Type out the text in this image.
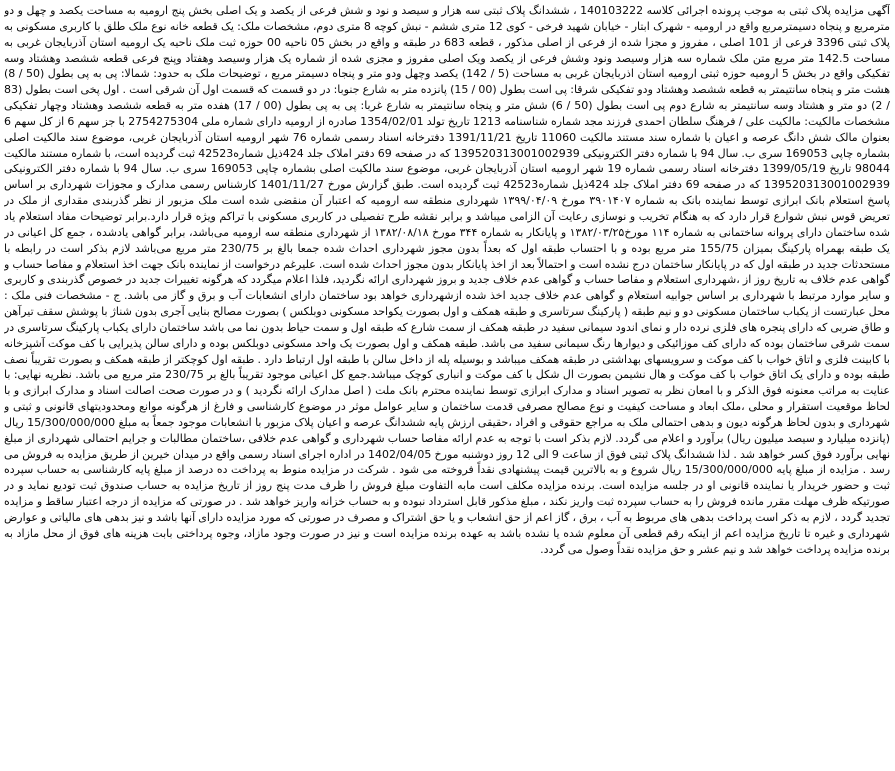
آگهی مزایده پلاک ثبتی به موجب پرونده اجرائی کلاسه 140103222 ، ششدانگ پلاک ثبتی سه هزار و سیصد و نود و شش فرعی از یکصد و یک اصلی بخش پنج ارومیه به مساحت یکصد و چهل و دو مترمربع و پنجاه دسیمترمربع واقع در ارومیه - شهرک ابتار - خیابان شهید فرخی - کوی 12 متری ششم - نبش کوچه 8 متری دوم، مشخصات ملک: یک قطعه خانه نوع ملک طلق با کاربری مسکونی به پلاک ثبتی 3396 فرعی از 101 اصلی ، مفروز و مجزا شده از فرعی از اصلی مذکور ، قطعه 683 در طبقه و واقع در بخش 05 ناحیه 00 حوزه ثبت ملک ناحیه یک ارومیه استان آذربایجان غربی به مساحت 142.5 متر مربع متن ملک شماره سه هزار وسیصد ونود وشش فرعی از یکصد ویک اصلی مفروز و مجزی شده از شماره یک هزار وسیصد وهفتاد وپنج فرعی قطعه ششصد وهشتاد وسه تفکیکی واقع در بخش 5 ارومیه حوزه ثبتی ارومیه استان اذربایجان غربی به مساحت (5 / 142) یکصد وچهل ودو متر و پنجاه دسیمتر مربع ، توضیحات ملک به حدود: شمالا: پی به پی بطول (50 / 8) هشت متر و پنجاه سانتیمتر به قطعه ششصد وهشتاد ودو تفکیکی شرقا: پی است بطول (00 / 15) پانزده متر به شارع جنوبا: در دو قسمت که قسمت اول آن شرقی است . اول پخی است بطول (83 / 2) دو متر و هشتاد وسه سانتیمتر به شارع دوم پی است بطول (50 / 6) شش متر و پنجاه سانتیمتر به شارع غربا: پی به پی بطول (00 / 17) هفده متر به قطعه ششصد وهشتاد وچهار تفکیکی مشخصات مالکیت: مالکیت علی / فرهنگ سلطان احمدی فرزند مجد شماره شناسنامه 1213 تاریخ تولد 1354/02/01 صادره از ارومیه دارای شماره ملی 2754275304 با جز سهم 6 از کل سهم 6 بعنوان مالک شش دانگ عرصه و اعیان با شماره سند مستند مالکیت 11060 تاریخ 1391/11/21 دفترخانه اسناد رسمی شماره 76 شهر ارومیه استان آذربایجان غربی، موضوع سند مالکیت اصلی بشماره چاپی 169053 سری ب. سال 94 با شماره دفتر الکترونیکی 139520313001002939 که در صفحه 69 دفتر املاک جلد 424ذیل شماره42523 ثبت گردیده است، با شماره مستند مالکیت 98044 تاریخ 1399/05/19 دفترخانه اسناد رسمی شماره 19 شهر ارومیه استان آذربایجان غربی، موضوع سند مالکیت اصلی بشماره چاپی 169053 سری ب. سال 94 با شماره دفتر الکترونیکی 139520313001002939 که در صفحه 69 دفتر املاک جلد 424ذیل شماره42523 ثبت گردیده است. طبق گزارش مورخ 1401/11/27 کارشناس رسمی مدارک و مجوزات شهرداری بر اساس پاسخ استعلام بانک ابرازی توسط نماینده بانک به شماره ۳۹۰۱۴۰۷ مورخ ۱۳۹۹/۰۴/۰۹ شهرداری منطقه سه ارومیه که اعتبار آن منقضی شده است ملک مزبور از نظر گذربندی مقداری از ملک در تعریض قوس نبش شوارع قرار دارد که به هنگام تخریب و نوسازی رعایت آن الزامی میباشد و برابر نقشه طرح تفصیلی در کاربری مسکونی با تراکم ویژه قرار دارد.برابر توضیحات مفاد استعلام یاد شده ساختمان دارای پروانه ساختمانی به شماره ۱۱۴ مورخ۱۳۸۲/۰۳/۲۵ و پایانکار به شماره ۳۴۴ مورخ ۱۳۸۲/۰۸/۱۸ از شهرداری منطقه سه ارومیه می‌باشد، برابر گواهی یادشده ، جمع کل اعیانی در یک طبقه بهمراه پارکینگ بمیزان 155/75 متر مربع بوده و با احتساب طبقه اول که بعداً بدون مجوز شهرداری احداث شده جمعا بالغ بر 230/75 متر مربع می‌باشد لازم بذکر است در رابطه با مستحدثات جدید در طبقه اول که در پایانکار ساختمان درج نشده است و احتمالاً بعد از اخذ پایانکار بدون مجوز احداث شده است. علیرغم درخواست از نماینده بانک جهت اخذ استعلام و مفاصا حساب و گواهی عدم خلاف به تاریخ روز از ،شهرداری استعلام و مفاصا حساب و گواهی عدم خلاف جدید و بروز شهرداری ارائه نگردید، فلذا اعلام میگردد که هرگونه تغییرات جدید در خصوص گذربندی و کاربری و سایر موارد مرتبط با شهرداری بر اساس جوابیه استعلام و گواهی عدم خلاف جدید اخذ شده ازشهرداری خواهد بود ساختمان دارای انشعابات آب و برق و گاز می باشد. ج - مشخصات فنی ملک : محل عبارتست از یکباب ساختمان مسکونی دو و نیم طبقه ( پارکینگ سرتاسری و طبقه همکف و اول بصورت یکواحد مسکونی دوبلکس ) بصورت مصالح بنایی آجری بدون شناژ با پوشش سقف تیرآهن و طاق ضربی که دارای پنجره های فلزی نرده دار و نمای اندود سیمانی سفید در طبقه همکف از سمت شارع که طبقه اول و سمت حیاط بدون نما می باشد ساختمان دارای یکباب پارکینگ سرتاسری در سمت شرقی ساختمان بوده که دارای کف موزائیکی و دیوارها رنگ سیمانی سفید می باشد. طبقه همکف و اول بصورت یک واحد مسکونی دوبلکس بوده و دارای سالن پذیرایی با کف موکت آشپزخانه با کابینت فلزی و اتاق خواب با کف موکت و سرویسهای بهداشتی در طبقه همکف میباشد و بوسیله پله از داخل سالن با طبقه اول ارتباط دارد . طبقه اول کوچکتر از طبقه همکف و بصورت تقریباً نصف طبقه بوده و دارای یک اتاق خواب با کف موکت و هال نشیمن بصورت ال شکل با کف موکت و انباری کوچک میباشد.جمع کل اعیانی موجود تقریباً بالغ بر 230/75 متر مربع می باشد. نظریه نهایی: با عنایت به مراتب معنونه فوق الذکر و با امعان نظر به تصویر اسناد و مدارک ابرازی توسط نماینده محترم بانک ملت ( اصل مدارک ارائه نگردید ) و در صورت صحت اصالت اسناد و مدارک ابرازی و با لحاظ موقعیت استقرار و محلی ،ملک ابعاد و مساحت کیفیت و نوع مصالح مصرفی قدمت ساختمان و سایر عوامل موثر در موضوع کارشناسی و فارغ از هرگونه موانع ومحدودیتهای قانونی و ثبتی و شهرداری و بدون لحاظ هرگونه دیون و بدهی احتمالی ملک به مراجع حقوقی و افراد ،حقیقی ارزش پایه ششدانگ عرصه و اعیان پلاک مزبور با انشعابات موجود جمعاً به مبلغ 15/300/000/000 ریال (پانزده میلیارد و سیصد میلیون ریال) برآورد و اعلام می گردد. لازم بذکر است با توجه به عدم ارائه مفاصا حساب شهرداری و گواهی عدم خلافی ،ساختمان مطالبات و جرایم احتمالی شهرداری از مبلغ نهایی برآورد فوق کسر خواهد شد . لذا ششدانگ پلاک ثبتی فوق از ساعت 9 الی 12 روز دوشنبه مورخ 1402/04/05 در اداره اجرای اسناد رسمی واقع در میدان خیرین از طریق مزایده به فروش می رسد . مزایده از مبلغ پایه 15/300/000/000 ریال شروع و به بالاترین قیمت پیشنهادی نقداً فروخته می شود . شرکت در مزایده منوط به پرداخت ده درصد از مبلغ پایه کارشناسی به حساب سپرده ثبت و حضور خریدار یا نماینده قانونی او در جلسه مزایده است. برنده مزایده مکلف است مابه التفاوت مبلغ فروش را ظرف مدت پنج روز از تاریخ مزایده به حساب صندوق ثبت تودیع نماید و در صورتیکه ظرف مهلت مقرر مانده فروش را به حساب سپرده ثبت واریز نکند ، مبلغ مذکور قابل استرداد نبوده و به حساب خزانه واریز خواهد شد . در صورتی که مزایده از درجه اعتبار ساقط و مزایده تجدید گردد ، لازم به ذکر است پرداخت بدهی های مربوط به آب ، برق ، گاز اعم از حق انشعاب و یا حق اشتراک و مصرف در صورتی که مورد مزایده دارای آنها باشد و نیز بدهی های مالیاتی و عوارض شهرداری و غیره تا تاریخ مزایده اعم از اینکه رقم قطعی آن معلوم شده یا نشده باشد به عهده برنده مزایده است و نیز در صورت وجود مازاد، وجوه پرداختی بابت هزینه های فوق از محل مازاد به برنده مزایده پرداخت خواهد شد و نیم عشر و حق مزایده نقداً وصول می گردد.
